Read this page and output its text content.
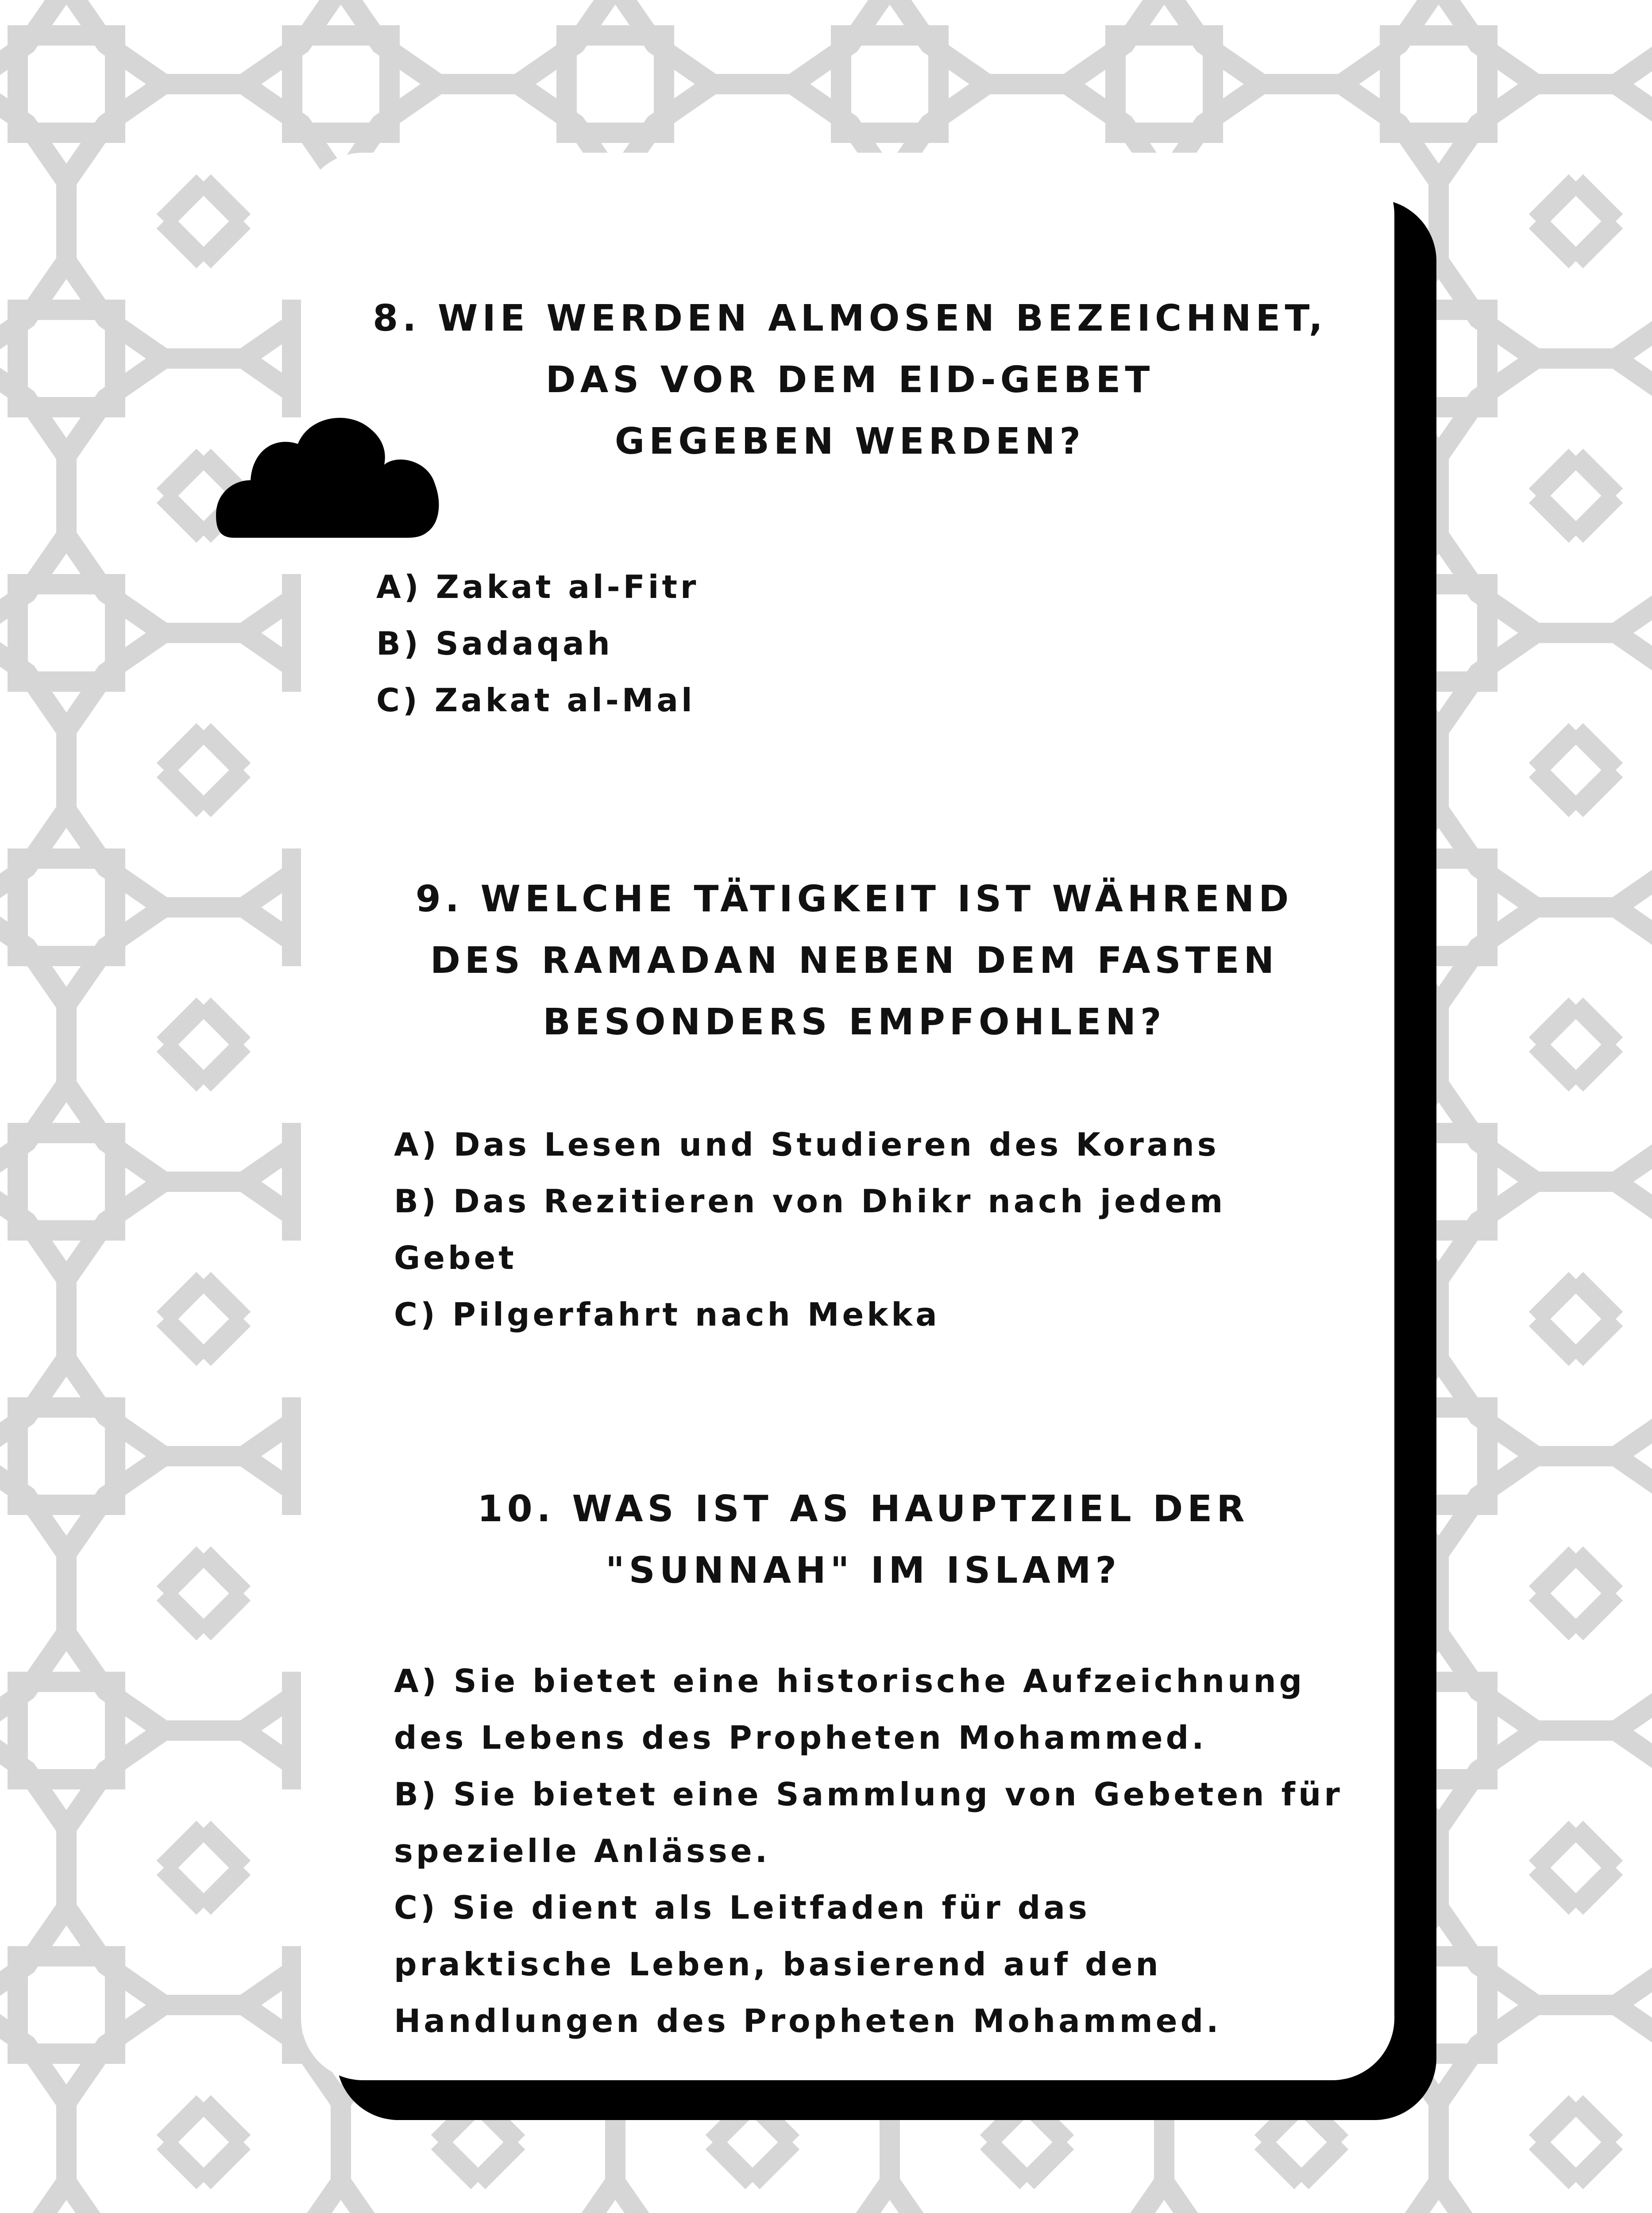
8. WIE WERDEN ALMOSEN BEZEICHNET,
DAS VOR DEM EID-GEBET
GEGEBEN WERDEN?

A) Zakat al-Fitr
B) Sadaqah
C) Zakat al-Mal

9. WELCHE TÄTIGKEIT IST WÄHREND
DES RAMADAN NEBEN DEM FASTEN
BESONDERS EMPFOHLEN?

A) Das Lesen und Studieren des Korans
B) Das Rezitieren von Dhikr nach jedem
Gebet
C) Pilgerfahrt nach Mekka

10. WAS IST AS HAUPTZIEL DER
"SUNNAH" IM ISLAM?

A) Sie bietet eine historische Aufzeichnung
des Lebens des Propheten Mohammed.
B) Sie bietet eine Sammlung von Gebeten für
spezielle Anlässe.
C) Sie dient als Leitfaden für das
praktische Leben, basierend auf den
Handlungen des Propheten Mohammed.
